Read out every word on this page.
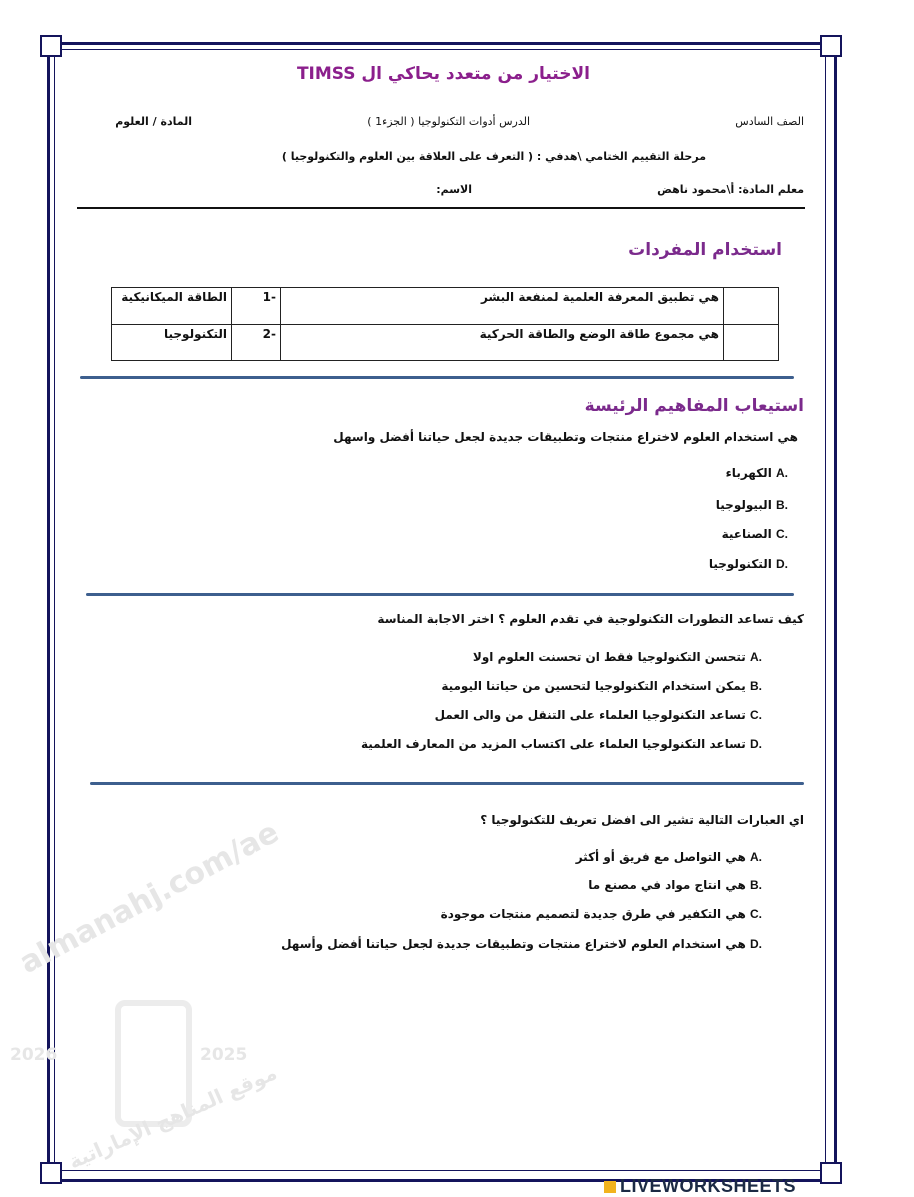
almanahj.com/ae
2026	2025
موقع المناهج الإماراتية
الاختيار من متعدد يحاكي ال TIMSS
المادة / العلوم	الدرس أدوات التكنولوجيا ( الجزء1 )	الصف السادس
مرحلة التقييم الختامي \هدفي : ( التعرف على العلاقة بين العلوم والتكنولوجيا )
معلم المادة: أ\محمود ناهض
الاسم:
استخدام المفردات
	هي تطبيق المعرفة العلمية لمنفعة البشر	-1	الطاقة الميكانيكية
	هي مجموع طاقة الوضع والطاقة الحركية	-2	التكنولوجيا
استيعاب المفاهيم الرئيسة
هي استخدام العلوم لاختراع منتجات وتطبيقات جديدة لجعل حياتنا أفضل واسهل
A. الكهرباء
B. البيولوجيا
C. الصناعية
D. التكنولوجيا
كيف تساعد التطورات التكنولوجية في تقدم العلوم ؟ اختر الاجابة المناسة
A. تتحسن التكنولوجيا فقط ان تحسنت العلوم اولا
B. يمكن استخدام التكنولوجيا لتحسين من حياتنا اليومية
C. تساعد التكنولوجيا العلماء على التنقل من والى العمل
D. تساعد التكنولوجيا العلماء على اكتساب المزيد من المعارف العلمية
اي العبارات التالية تشير الى افضل تعريف للتكنولوجيا ؟
A. هي التواصل مع فريق أو أكثر
B. هي انتاج مواد في مصنع ما
C. هي التكفير في طرق جديدة لتصميم منتجات موجودة
D. هي استخدام العلوم لاختراع منتجات وتطبيقات جديدة لجعل حياتنا أفضل وأسهل
LIVEWORKSHEETS
